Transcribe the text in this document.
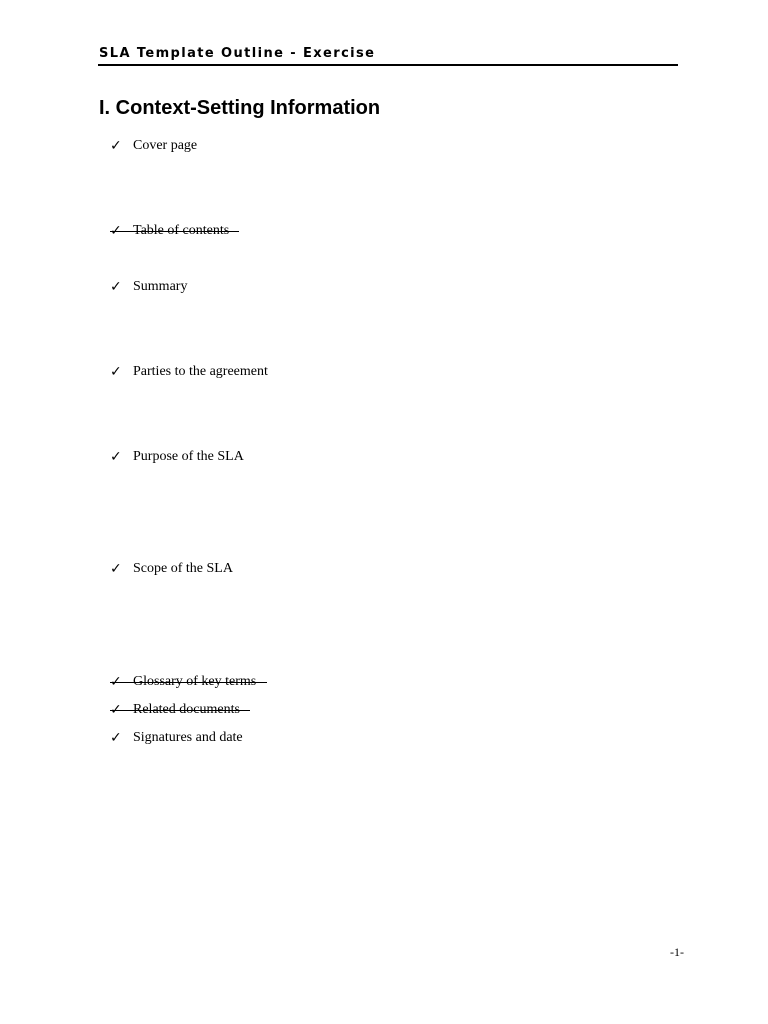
SLA Template Outline - Exercise
I. Context-Setting Information
✓ Cover page
✓ Table of contents
✓ Summary
✓ Parties to the agreement
✓ Purpose of the SLA
✓ Scope of the SLA
✓ Glossary of key terms
✓ Related documents
✓ Signatures and date
-1-
